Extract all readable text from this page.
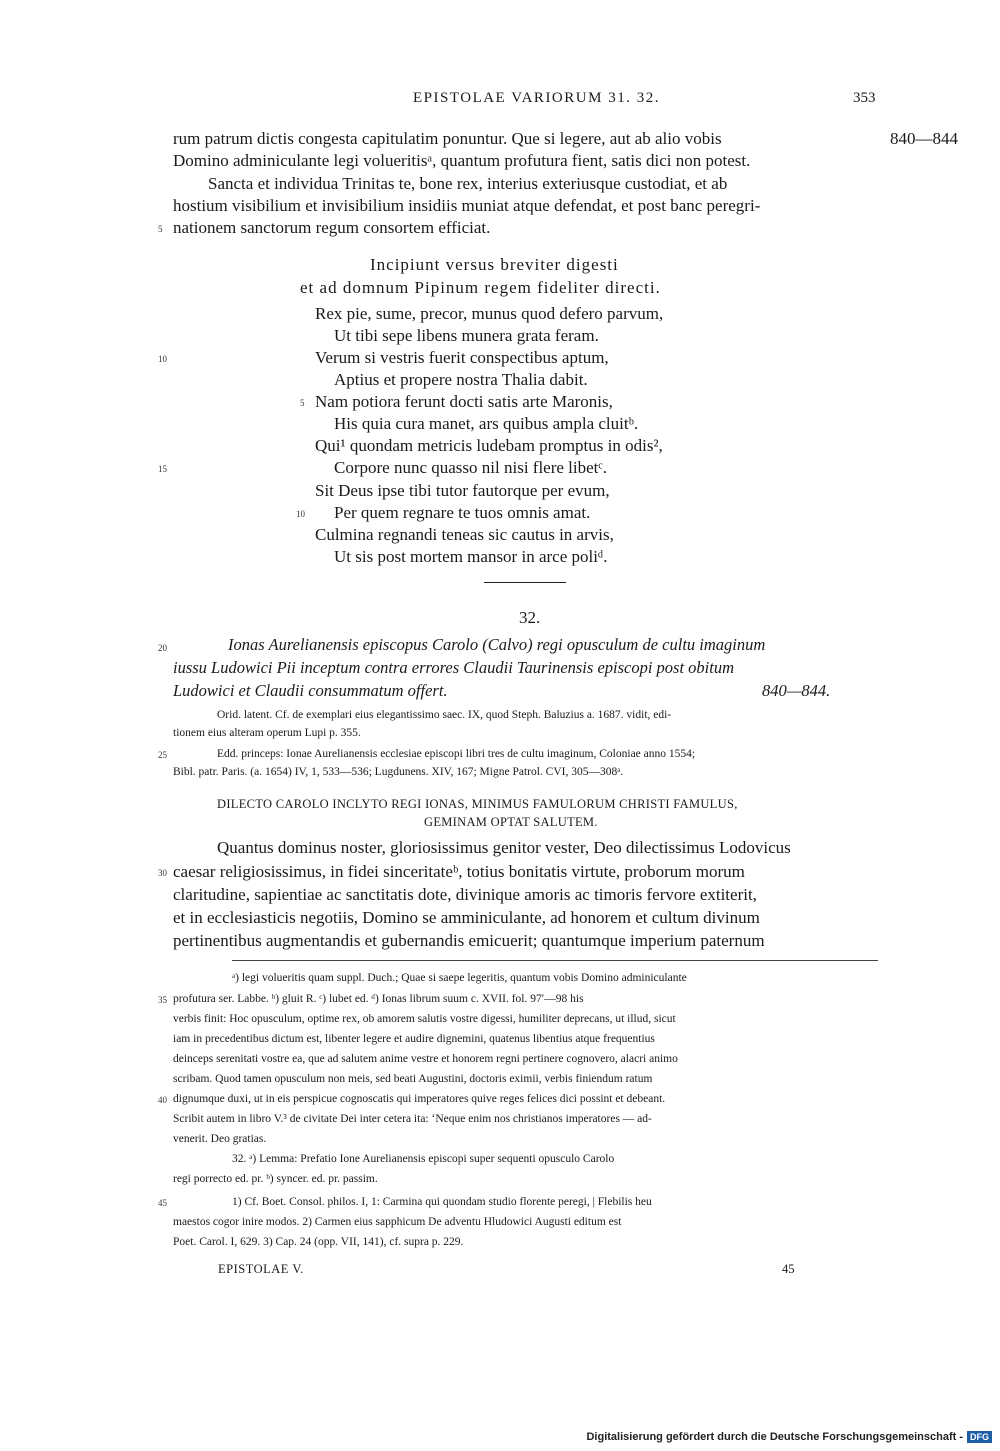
EPISTOLAE VARIORUM 31. 32.	353
rum patrum dictis congesta capitulatim ponuntur. Que si legere, aut ab alio vobis	840—844
Domino adminiculante legi volueritisᵃ, quantum profutura fient, satis dici non potest.
Sancta et individua Trinitas te, bone rex, interius exteriusque custodiat, et ab
hostium visibilium et invisibilium insidiis muniat atque defendat, et post banc peregri-
5 nationem sanctorum regum consortem efficiat.
Incipiunt versus breviter digesti
et ad domnum Pipinum regem fideliter directi.
Rex pie, sume, precor, munus quod defero parvum,
Ut tibi sepe libens munera grata feram.
10	Verum si vestris fuerit conspectibus aptum,
Aptius et propere nostra Thalia dabit.
5 Nam potiora ferunt docti satis arte Maronis,
His quia cura manet, ars quibus ampla cluitᵇ.
Qui¹ quondam metricis ludebam promptus in odis²,
15	Corpore nunc quasso nil nisi flere libetᶜ.
Sit Deus ipse tibi tutor fautorque per evum,
10 Per quem regnare te tuos omnis amat.
Culmina regnandi teneas sic cautus in arvis,
Ut sis post mortem mansor in arce poliᵈ.
32.
20	Ionas Aurelianensis episcopus Carolo (Calvo) regi opusculum de cultu imaginum
iussu Ludowici Pii inceptum contra errores Claudii Taurinensis episcopi post obitum
Ludowici et Claudii consummatum offert.	840—844.
Orid. latent. Cf. de exemplari eius elegantissimo saec. IX, quod Steph. Baluzius a. 1687. vidit, edi-
tionem eius alteram operum Lupi p. 355.
25	Edd. princeps: Ionae Aurelianensis ecclesiae episcopi libri tres de cultu imaginum, Coloniae anno 1554;
Bibl. patr. Paris. (a. 1654) IV, 1, 533—536; Lugdunens. XIV, 167; Migne Patrol. CVI, 305—308ᵃ.
DILECTO CAROLO INCLYTO REGI IONAS, MINIMUS FAMULORUM CHRISTI FAMULUS,
GEMINAM OPTAT SALUTEM.
Quantus dominus noster, gloriosissimus genitor vester, Deo dilectissimus Lodovicus
30 caesar religiosissimus, in fidei sinceritateᵇ, totius bonitatis virtute, proborum morum
claritudine, sapientiae ac sanctitatis dote, divinique amoris ac timoris fervore extiterit,
et in ecclesiasticis negotiis, Domino se amminiculante, ad honorem et cultum divinum
pertinentibus augmentandis et gubernandis emicuerit; quantumque imperium paternum
ᵃ) legi volueritis quam suppl. Duch.; Quae si saepe legeritis, quantum vobis Domino adminiculante
35 profutura ser. Labbe. ᵇ) gluit R. ᶜ) lubet ed. ᵈ) Ionas librum suum c. XVII. fol. 97′—98 his
verbis finit: Hoc opusculum, optime rex, ob amorem salutis vostre digessi, humiliter deprecans, ut illud, sicut
iam in precedentibus dictum est, libenter legere et audire dignemini, quatenus libentius atque frequentius
deinceps serenitati vostre ea, que ad salutem anime vestre et honorem regni pertinere cognovero, alacri animo
scribam. Quod tamen opusculum non meis, sed beati Augustini, doctoris eximii, verbis finiendum ratum
40 dignumque duxi, ut in eis perspicue cognoscatis qui imperatores quive reges felices dici possint et debeant.
Scribit autem in libro V.³ de civitate Dei inter cetera ita: ‘Neque enim nos christianos imperatores — ad-
venerit. Deo gratias.
32. ᵃ) Lemma: Prefatio Ione Aurelianensis episcopi super sequenti opusculo Carolo
regi porrecto ed. pr. ᵇ) syncer. ed. pr. passim.
45	1) Cf. Boet. Consol. philos. I, 1: Carmina qui quondam studio florente peregi, | Flebilis heu
maestos cogor inire modos. 2) Carmen eius sapphicum De adventu Hludowici Augusti editum est
Poet. Carol. I, 629. 3) Cap. 24 (opp. VII, 141), cf. supra p. 229.
EPISTOLAE V.	45
Digitalisierung gefördert durch die Deutsche Forschungsgemeinschaft - DFG
